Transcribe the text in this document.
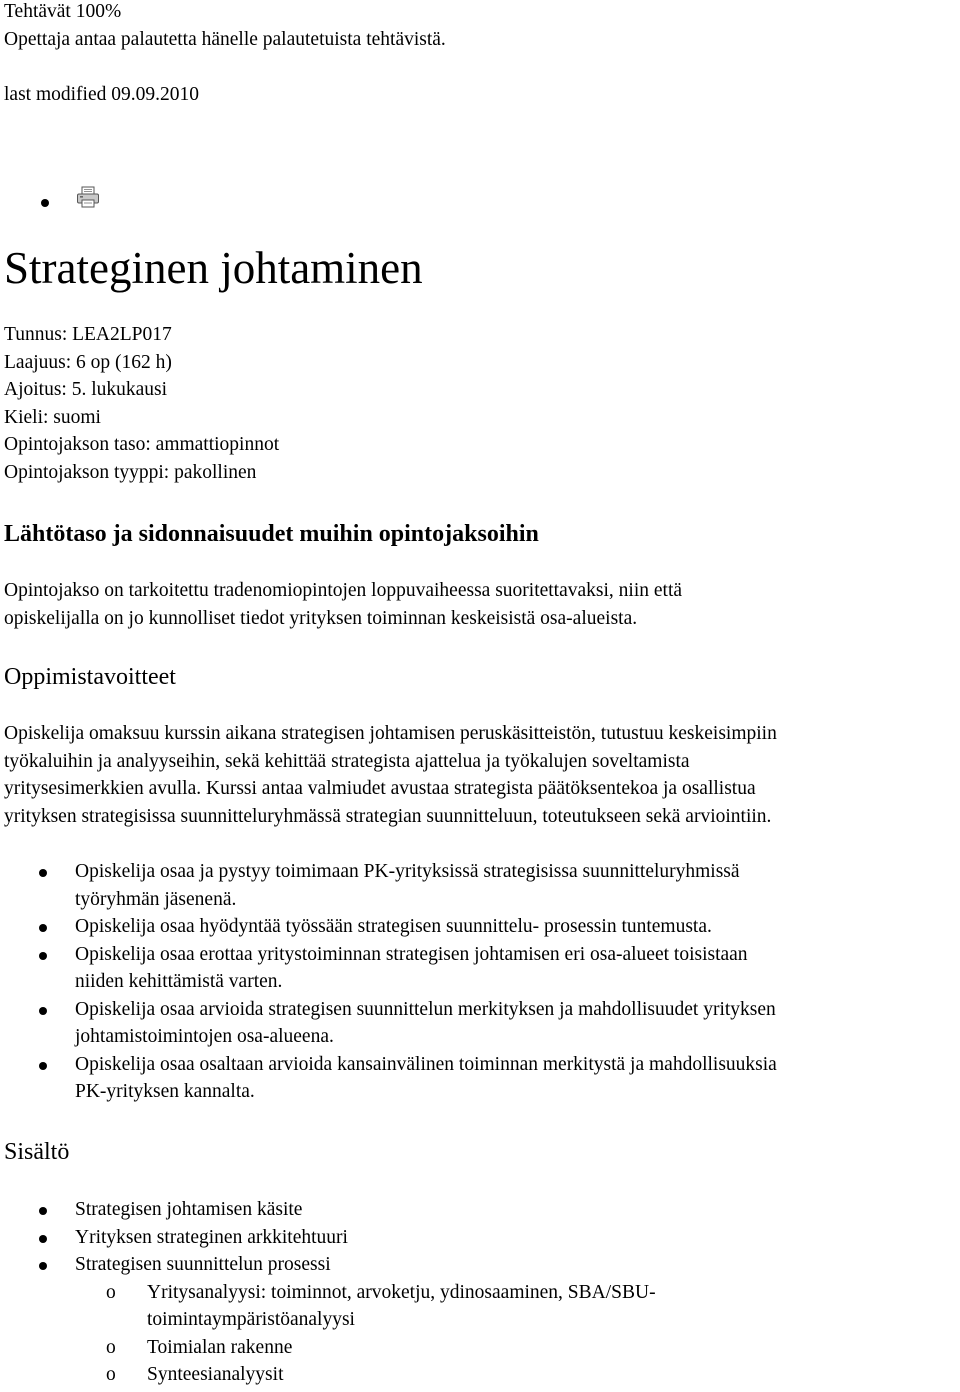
Tehtävät 100%
Opettaja antaa palautetta hänelle palautetuista tehtävistä.
last modified 09.09.2010
Strateginen johtaminen
Tunnus: LEA2LP017
Laajuus: 6 op (162 h)
Ajoitus: 5. lukukausi
Kieli: suomi
Opintojakson taso: ammattiopinnot
Opintojakson tyyppi: pakollinen
Lähtötaso ja sidonnaisuudet muihin opintojaksoihin

Opintojakso on tarkoitettu tradenomiopintojen loppuvaiheessa suoritettavaksi, niin että
opiskelijalla on jo kunnolliset tiedot yrityksen toiminnan keskeisistä osa-alueista.

Oppimistavoitteet

Opiskelija omaksuu kurssin aikana strategisen johtamisen peruskäsitteistön, tutustuu keskeisimpiin
työkaluihin ja analyyseihin, sekä kehittää strategista ajattelua ja työkalujen soveltamista
yritysesimerkkien avulla. Kurssi antaa valmiudet avustaa strategista päätöksentekoa ja osallistua
yrityksen strategisissa suunnitteluryhmässä strategian suunnitteluun, toteutukseen sekä arviointiin.

Opiskelija osaa ja pystyy toimimaan PK-yrityksissä strategisissa suunnitteluryhmissä
työryhmän jäsenenä.
Opiskelija osaa hyödyntää työssään strategisen suunnittelu- prosessin tuntemusta.
Opiskelija osaa erottaa yritystoiminnan strategisen johtamisen eri osa-alueet toisistaan
niiden kehittämistä varten.
Opiskelija osaa arvioida strategisen suunnittelun merkityksen ja mahdollisuudet yrityksen
johtamistoimintojen osa-alueena.
Opiskelija osaa osaltaan arvioida kansainvälinen toiminnan merkitystä ja mahdollisuuksia
PK-yrityksen kannalta.
Sisältö
Strategisen johtamisen käsite
Yrityksen strateginen arkkitehtuuri
Strategisen suunnittelun prosessi
o Yritysanalyysi: toiminnot, arvoketju, ydinosaaminen, SBA/SBU-
toimintaympäristöanalyysi
o Toimialan rakenne
o Synteesianalyysit
